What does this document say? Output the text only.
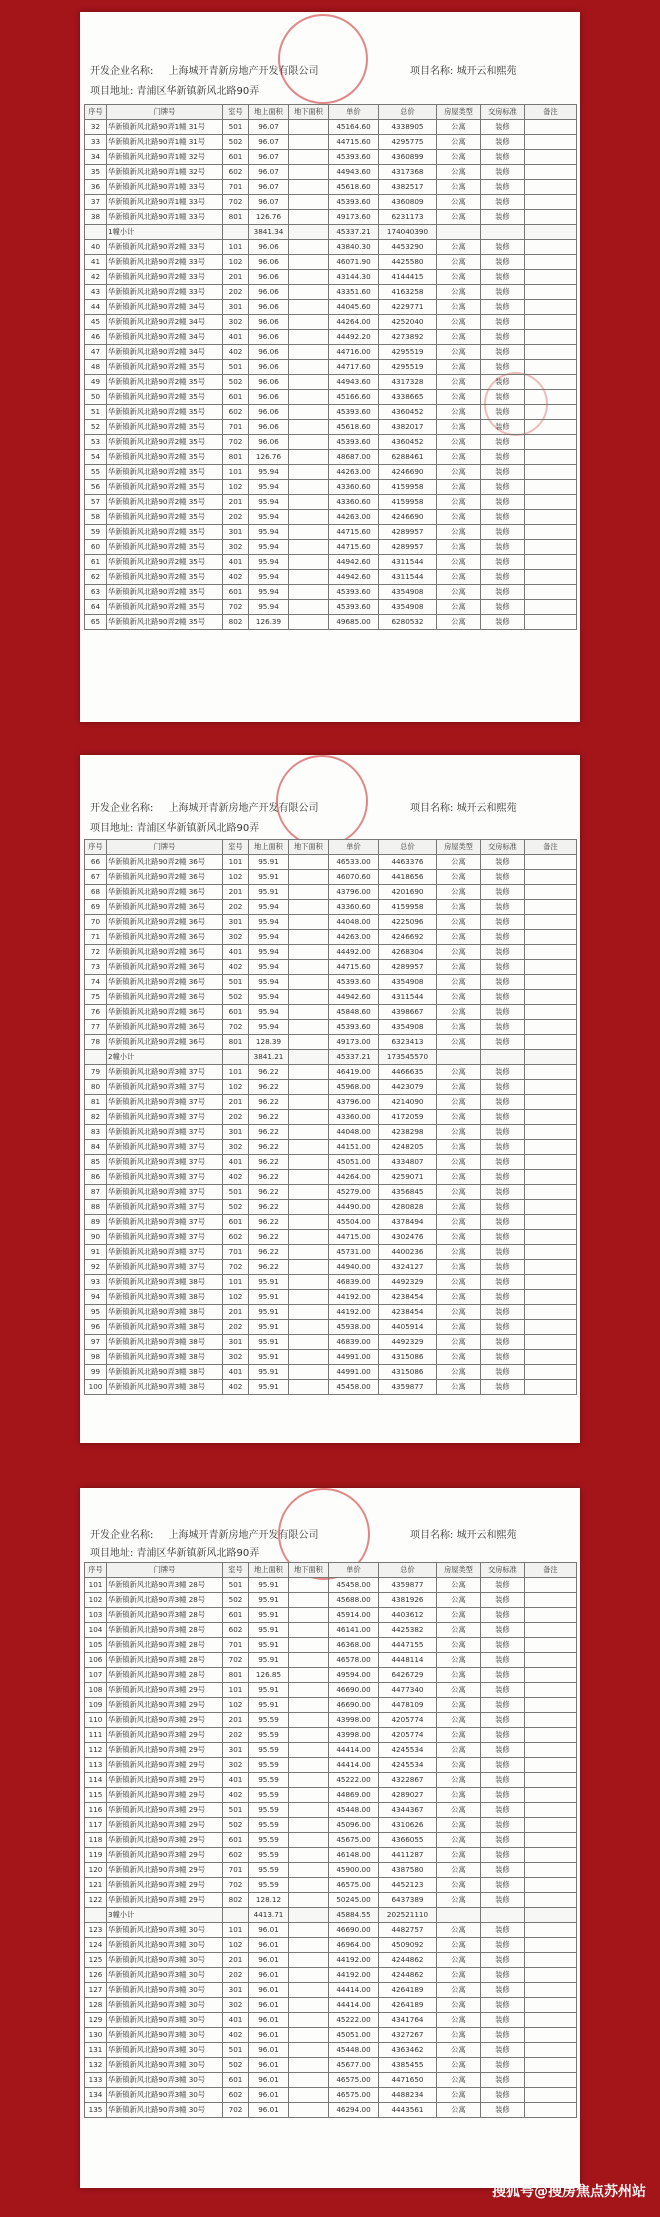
开发企业名称: 上海城开青新房地产开发有限公司	项目名称: 城开云和熙苑
项目地址: 青浦区华新镇新风北路90弄
序号	门牌号	室号	地上面积	地下面积	单价	总价	房屋类型	交房标准	备注
32	华新镇新风北路90弄1幢 31号	501	96.07		45164.60	4338905	公寓	装修	
33	华新镇新风北路90弄1幢 31号	502	96.07		44715.60	4295775	公寓	装修	
34	华新镇新风北路90弄1幢 32号	601	96.07		45393.60	4360899	公寓	装修	
35	华新镇新风北路90弄1幢 32号	602	96.07		44943.60	4317368	公寓	装修	
36	华新镇新风北路90弄1幢 33号	701	96.07		45618.60	4382517	公寓	装修	
37	华新镇新风北路90弄1幢 33号	702	96.07		45393.60	4360809	公寓	装修	
38	华新镇新风北路90弄1幢 33号	801	126.76		49173.60	6231173	公寓	装修	
	1幢小计		3841.34		45337.21	174040390			
40	华新镇新风北路90弄2幢 33号	101	96.06		43840.30	4453290	公寓	装修	
41	华新镇新风北路90弄2幢 33号	102	96.06		46071.90	4425580	公寓	装修	
42	华新镇新风北路90弄2幢 33号	201	96.06		43144.30	4144415	公寓	装修	
43	华新镇新风北路90弄2幢 33号	202	96.06		43351.60	4163258	公寓	装修	
44	华新镇新风北路90弄2幢 34号	301	96.06		44045.60	4229771	公寓	装修	
45	华新镇新风北路90弄2幢 34号	302	96.06		44264.00	4252040	公寓	装修	
46	华新镇新风北路90弄2幢 34号	401	96.06		44492.20	4273892	公寓	装修	
47	华新镇新风北路90弄2幢 34号	402	96.06		44716.00	4295519	公寓	装修	
48	华新镇新风北路90弄2幢 35号	501	96.06		44717.60	4295519	公寓	装修	
49	华新镇新风北路90弄2幢 35号	502	96.06		44943.60	4317328	公寓	装修	
50	华新镇新风北路90弄2幢 35号	601	96.06		45166.60	4338665	公寓	装修	
51	华新镇新风北路90弄2幢 35号	602	96.06		45393.60	4360452	公寓	装修	
52	华新镇新风北路90弄2幢 35号	701	96.06		45618.60	4382017	公寓	装修	
53	华新镇新风北路90弄2幢 35号	702	96.06		45393.60	4360452	公寓	装修	
54	华新镇新风北路90弄2幢 35号	801	126.76		48687.00	6288461	公寓	装修	
55	华新镇新风北路90弄2幢 35号	101	95.94		44263.00	4246690	公寓	装修	
56	华新镇新风北路90弄2幢 35号	102	95.94		43360.60	4159958	公寓	装修	
57	华新镇新风北路90弄2幢 35号	201	95.94		43360.60	4159958	公寓	装修	
58	华新镇新风北路90弄2幢 35号	202	95.94		44263.00	4246690	公寓	装修	
59	华新镇新风北路90弄2幢 35号	301	95.94		44715.60	4289957	公寓	装修	
60	华新镇新风北路90弄2幢 35号	302	95.94		44715.60	4289957	公寓	装修	
61	华新镇新风北路90弄2幢 35号	401	95.94		44942.60	4311544	公寓	装修	
62	华新镇新风北路90弄2幢 35号	402	95.94		44942.60	4311544	公寓	装修	
63	华新镇新风北路90弄2幢 35号	601	95.94		45393.60	4354908	公寓	装修	
64	华新镇新风北路90弄2幢 35号	702	95.94		45393.60	4354908	公寓	装修	
65	华新镇新风北路90弄2幢 35号	802	126.39		49685.00	6280532	公寓	装修	
开发企业名称: 上海城开青新房地产开发有限公司	项目名称: 城开云和熙苑
项目地址: 青浦区华新镇新风北路90弄
序号	门牌号	室号	地上面积	地下面积	单价	总价	房屋类型	交房标准	备注
66	华新镇新风北路90弄2幢 36号	101	95.91		46533.00	4463376	公寓	装修	
67	华新镇新风北路90弄2幢 36号	102	95.91		46070.60	4418656	公寓	装修	
68	华新镇新风北路90弄2幢 36号	201	95.91		43796.00	4201690	公寓	装修	
69	华新镇新风北路90弄2幢 36号	202	95.94		43360.60	4159958	公寓	装修	
70	华新镇新风北路90弄2幢 36号	301	95.94		44048.00	4225096	公寓	装修	
71	华新镇新风北路90弄2幢 36号	302	95.94		44263.00	4246692	公寓	装修	
72	华新镇新风北路90弄2幢 36号	401	95.94		44492.00	4268304	公寓	装修	
73	华新镇新风北路90弄2幢 36号	402	95.94		44715.60	4289957	公寓	装修	
74	华新镇新风北路90弄2幢 36号	501	95.94		45393.60	4354908	公寓	装修	
75	华新镇新风北路90弄2幢 36号	502	95.94		44942.60	4311544	公寓	装修	
76	华新镇新风北路90弄2幢 36号	601	95.94		45848.60	4398667	公寓	装修	
77	华新镇新风北路90弄2幢 36号	702	95.94		45393.60	4354908	公寓	装修	
78	华新镇新风北路90弄2幢 36号	801	128.39		49173.00	6323413	公寓	装修	
	2幢小计		3841.21		45337.21	173545570			
79	华新镇新风北路90弄3幢 37号	101	96.22		46419.00	4466635	公寓	装修	
80	华新镇新风北路90弄3幢 37号	102	96.22		45968.00	4423079	公寓	装修	
81	华新镇新风北路90弄3幢 37号	201	96.22		43796.00	4214090	公寓	装修	
82	华新镇新风北路90弄3幢 37号	202	96.22		43360.00	4172059	公寓	装修	
83	华新镇新风北路90弄3幢 37号	301	96.22		44048.00	4238298	公寓	装修	
84	华新镇新风北路90弄3幢 37号	302	96.22		44151.00	4248205	公寓	装修	
85	华新镇新风北路90弄3幢 37号	401	96.22		45051.00	4334807	公寓	装修	
86	华新镇新风北路90弄3幢 37号	402	96.22		44264.00	4259071	公寓	装修	
87	华新镇新风北路90弄3幢 37号	501	96.22		45279.00	4356845	公寓	装修	
88	华新镇新风北路90弄3幢 37号	502	96.22		44490.00	4280828	公寓	装修	
89	华新镇新风北路90弄3幢 37号	601	96.22		45504.00	4378494	公寓	装修	
90	华新镇新风北路90弄3幢 37号	602	96.22		44715.00	4302476	公寓	装修	
91	华新镇新风北路90弄3幢 37号	701	96.22		45731.00	4400236	公寓	装修	
92	华新镇新风北路90弄3幢 37号	702	96.22		44940.00	4324127	公寓	装修	
93	华新镇新风北路90弄3幢 38号	101	95.91		46839.00	4492329	公寓	装修	
94	华新镇新风北路90弄3幢 38号	102	95.91		44192.00	4238454	公寓	装修	
95	华新镇新风北路90弄3幢 38号	201	95.91		44192.00	4238454	公寓	装修	
96	华新镇新风北路90弄3幢 38号	202	95.91		45938.00	4405914	公寓	装修	
97	华新镇新风北路90弄3幢 38号	301	95.91		46839.00	4492329	公寓	装修	
98	华新镇新风北路90弄3幢 38号	302	95.91		44991.00	4315086	公寓	装修	
99	华新镇新风北路90弄3幢 38号	401	95.91		44991.00	4315086	公寓	装修	
100	华新镇新风北路90弄3幢 38号	402	95.91		45458.00	4359877	公寓	装修	
开发企业名称: 上海城开青新房地产开发有限公司	项目名称: 城开云和熙苑
项目地址: 青浦区华新镇新风北路90弄
序号	门牌号	室号	地上面积	地下面积	单价	总价	房屋类型	交房标准	备注
101	华新镇新风北路90弄3幢 28号	501	95.91		45458.00	4359877	公寓	装修	
102	华新镇新风北路90弄3幢 28号	502	95.91		45688.00	4381926	公寓	装修	
103	华新镇新风北路90弄3幢 28号	601	95.91		45914.00	4403612	公寓	装修	
104	华新镇新风北路90弄3幢 28号	602	95.91		46141.00	4425382	公寓	装修	
105	华新镇新风北路90弄3幢 28号	701	95.91		46368.00	4447155	公寓	装修	
106	华新镇新风北路90弄3幢 28号	702	95.91		46578.00	4448114	公寓	装修	
107	华新镇新风北路90弄3幢 28号	801	126.85		49594.00	6426729	公寓	装修	
108	华新镇新风北路90弄3幢 29号	101	95.91		46690.00	4477340	公寓	装修	
109	华新镇新风北路90弄3幢 29号	102	95.91		46690.00	4478109	公寓	装修	
110	华新镇新风北路90弄3幢 29号	201	95.59		43998.00	4205774	公寓	装修	
111	华新镇新风北路90弄3幢 29号	202	95.59		43998.00	4205774	公寓	装修	
112	华新镇新风北路90弄3幢 29号	301	95.59		44414.00	4245534	公寓	装修	
113	华新镇新风北路90弄3幢 29号	302	95.59		44414.00	4245534	公寓	装修	
114	华新镇新风北路90弄3幢 29号	401	95.59		45222.00	4322867	公寓	装修	
115	华新镇新风北路90弄3幢 29号	402	95.59		44869.00	4289027	公寓	装修	
116	华新镇新风北路90弄3幢 29号	501	95.59		45448.00	4344367	公寓	装修	
117	华新镇新风北路90弄3幢 29号	502	95.59		45096.00	4310626	公寓	装修	
118	华新镇新风北路90弄3幢 29号	601	95.59		45675.00	4366055	公寓	装修	
119	华新镇新风北路90弄3幢 29号	602	95.59		46148.00	4411287	公寓	装修	
120	华新镇新风北路90弄3幢 29号	701	95.59		45900.00	4387580	公寓	装修	
121	华新镇新风北路90弄3幢 29号	702	95.59		46575.00	4452123	公寓	装修	
122	华新镇新风北路90弄3幢 29号	802	128.12		50245.00	6437389	公寓	装修	
	3幢小计		4413.71		45884.55	202521110			
123	华新镇新风北路90弄3幢 30号	101	96.01		46690.00	4482757	公寓	装修	
124	华新镇新风北路90弄3幢 30号	102	96.01		46964.00	4509092	公寓	装修	
125	华新镇新风北路90弄3幢 30号	201	96.01		44192.00	4244862	公寓	装修	
126	华新镇新风北路90弄3幢 30号	202	96.01		44192.00	4244862	公寓	装修	
127	华新镇新风北路90弄3幢 30号	301	96.01		44414.00	4264189	公寓	装修	
128	华新镇新风北路90弄3幢 30号	302	96.01		44414.00	4264189	公寓	装修	
129	华新镇新风北路90弄3幢 30号	401	96.01		45222.00	4341764	公寓	装修	
130	华新镇新风北路90弄3幢 30号	402	96.01		45051.00	4327267	公寓	装修	
131	华新镇新风北路90弄3幢 30号	501	96.01		45448.00	4363462	公寓	装修	
132	华新镇新风北路90弄3幢 30号	502	96.01		45677.00	4385455	公寓	装修	
133	华新镇新风北路90弄3幢 30号	601	96.01		46575.00	4471650	公寓	装修	
134	华新镇新风北路90弄3幢 30号	602	96.01		46575.00	4488234	公寓	装修	
135	华新镇新风北路90弄3幢 30号	702	96.01		46294.00	4443561	公寓	装修	
搜狐号@搜房焦点苏州站
